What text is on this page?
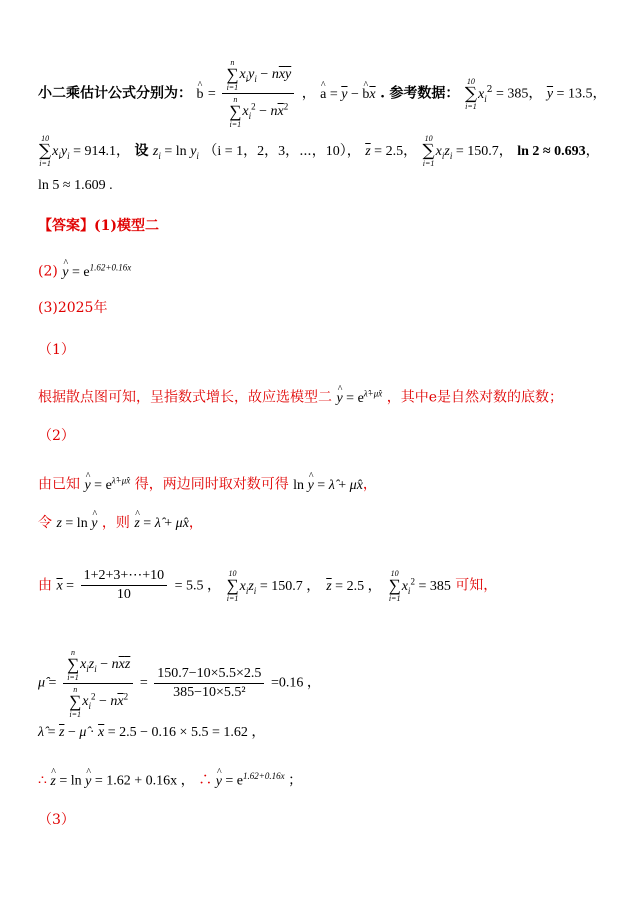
小二乘估计公式分别为： ^ b = n
∑
i=1
$x_iy_i - n\overline{x}\overline{y}$
n
∑
i=1
$x_i^2 - n\overline{x}^2$ ， ^ $a = \overline{y}$ − ^ $b\overline{x}$ . 参考数据：
10
∑
i=1
$x_i^2 = 385$， $\overline{y} = 13.5$，
10
∑
i=1
$x_iy_i = 914.1$， 设 $z_i = \ln y_i$ （i = 1，2，3，⋯，10）， $\overline{z} = 2.5$，
10
∑
i=1
$x_iz_i = 150.7$， ln 2 ≈ 0.693，
ln 5 ≈ 1.609 .
【答案】(1)模型二
(2) ^ $y = e^{1.62+0.16x}$
(3)2025年
（1）
根据散点图可知，呈指数式增长，故应选模型二 ^ $y = e^{\lambdâ+\mûx}$ ，其中e是自然对数的底数；
（2）
由已知 ^ $y = e^{\lambdâ+\mûx}$ 得，两边同时取对数可得 ln ^ y = λ̂ + μ̂x，
令 z = ln ^ y ，则 ^ z = λ̂ + μ̂x，
由 $\overline{x} = \frac{1+2+3+\cdots+10}{10} = 5.5$ ，
10
∑
i=1
$x_iz_i = 150.7$ ， $\overline{z} = 2.5$ ，
10
∑
i=1
$x_i^2 = 385$ 可知，
μ̂ = n
∑
i=1
$x_iz_i - n\overline{x}\overline{z}$
n
∑
i=1
$x_i^2 - n\overline{x}^2 = \frac{150.7-10\times 5.5\times 2.5}{\text{385−10×5.5²}} =0.16$ ，
λ̂ = $\overline{z}$ − μ̂ · $\overline{x} = 2.5 - 0.16 \times 5.5 = 1.62$ ，
∴ ^ z = ln ^ y = 1.62 + 0.16x ， ∴ ^ $y = e^{1.62+0.16x}$ ；
（3）
